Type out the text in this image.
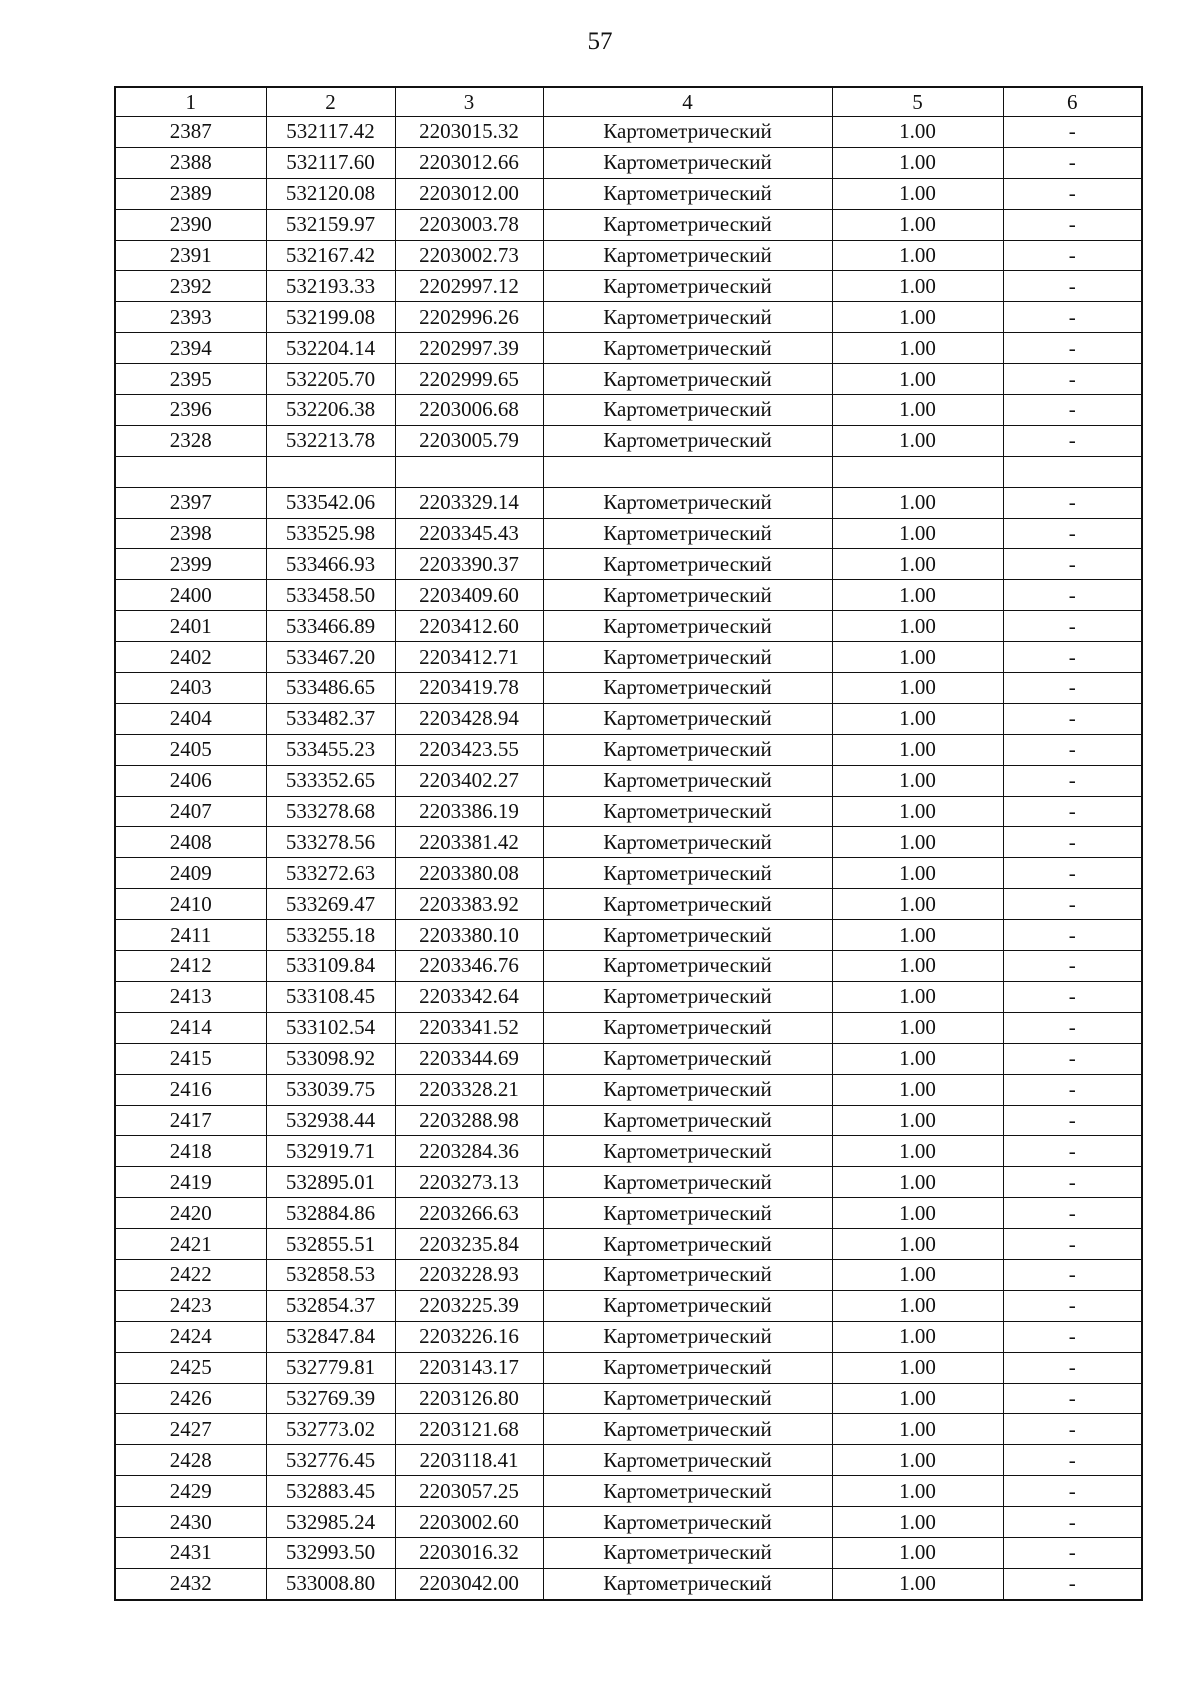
57
1	2	3	4	5	6
2387	532117.42	2203015.32	Картометрический	1.00	-
2388	532117.60	2203012.66	Картометрический	1.00	-
2389	532120.08	2203012.00	Картометрический	1.00	-
2390	532159.97	2203003.78	Картометрический	1.00	-
2391	532167.42	2203002.73	Картометрический	1.00	-
2392	532193.33	2202997.12	Картометрический	1.00	-
2393	532199.08	2202996.26	Картометрический	1.00	-
2394	532204.14	2202997.39	Картометрический	1.00	-
2395	532205.70	2202999.65	Картометрический	1.00	-
2396	532206.38	2203006.68	Картометрический	1.00	-
2328	532213.78	2203005.79	Картометрический	1.00	-

2397	533542.06	2203329.14	Картометрический	1.00	-
2398	533525.98	2203345.43	Картометрический	1.00	-
2399	533466.93	2203390.37	Картометрический	1.00	-
2400	533458.50	2203409.60	Картометрический	1.00	-
2401	533466.89	2203412.60	Картометрический	1.00	-
2402	533467.20	2203412.71	Картометрический	1.00	-
2403	533486.65	2203419.78	Картометрический	1.00	-
2404	533482.37	2203428.94	Картометрический	1.00	-
2405	533455.23	2203423.55	Картометрический	1.00	-
2406	533352.65	2203402.27	Картометрический	1.00	-
2407	533278.68	2203386.19	Картометрический	1.00	-
2408	533278.56	2203381.42	Картометрический	1.00	-
2409	533272.63	2203380.08	Картометрический	1.00	-
2410	533269.47	2203383.92	Картометрический	1.00	-
2411	533255.18	2203380.10	Картометрический	1.00	-
2412	533109.84	2203346.76	Картометрический	1.00	-
2413	533108.45	2203342.64	Картометрический	1.00	-
2414	533102.54	2203341.52	Картометрический	1.00	-
2415	533098.92	2203344.69	Картометрический	1.00	-
2416	533039.75	2203328.21	Картометрический	1.00	-
2417	532938.44	2203288.98	Картометрический	1.00	-
2418	532919.71	2203284.36	Картометрический	1.00	-
2419	532895.01	2203273.13	Картометрический	1.00	-
2420	532884.86	2203266.63	Картометрический	1.00	-
2421	532855.51	2203235.84	Картометрический	1.00	-
2422	532858.53	2203228.93	Картометрический	1.00	-
2423	532854.37	2203225.39	Картометрический	1.00	-
2424	532847.84	2203226.16	Картометрический	1.00	-
2425	532779.81	2203143.17	Картометрический	1.00	-
2426	532769.39	2203126.80	Картометрический	1.00	-
2427	532773.02	2203121.68	Картометрический	1.00	-
2428	532776.45	2203118.41	Картометрический	1.00	-
2429	532883.45	2203057.25	Картометрический	1.00	-
2430	532985.24	2203002.60	Картометрический	1.00	-
2431	532993.50	2203016.32	Картометрический	1.00	-
2432	533008.80	2203042.00	Картометрический	1.00	-
